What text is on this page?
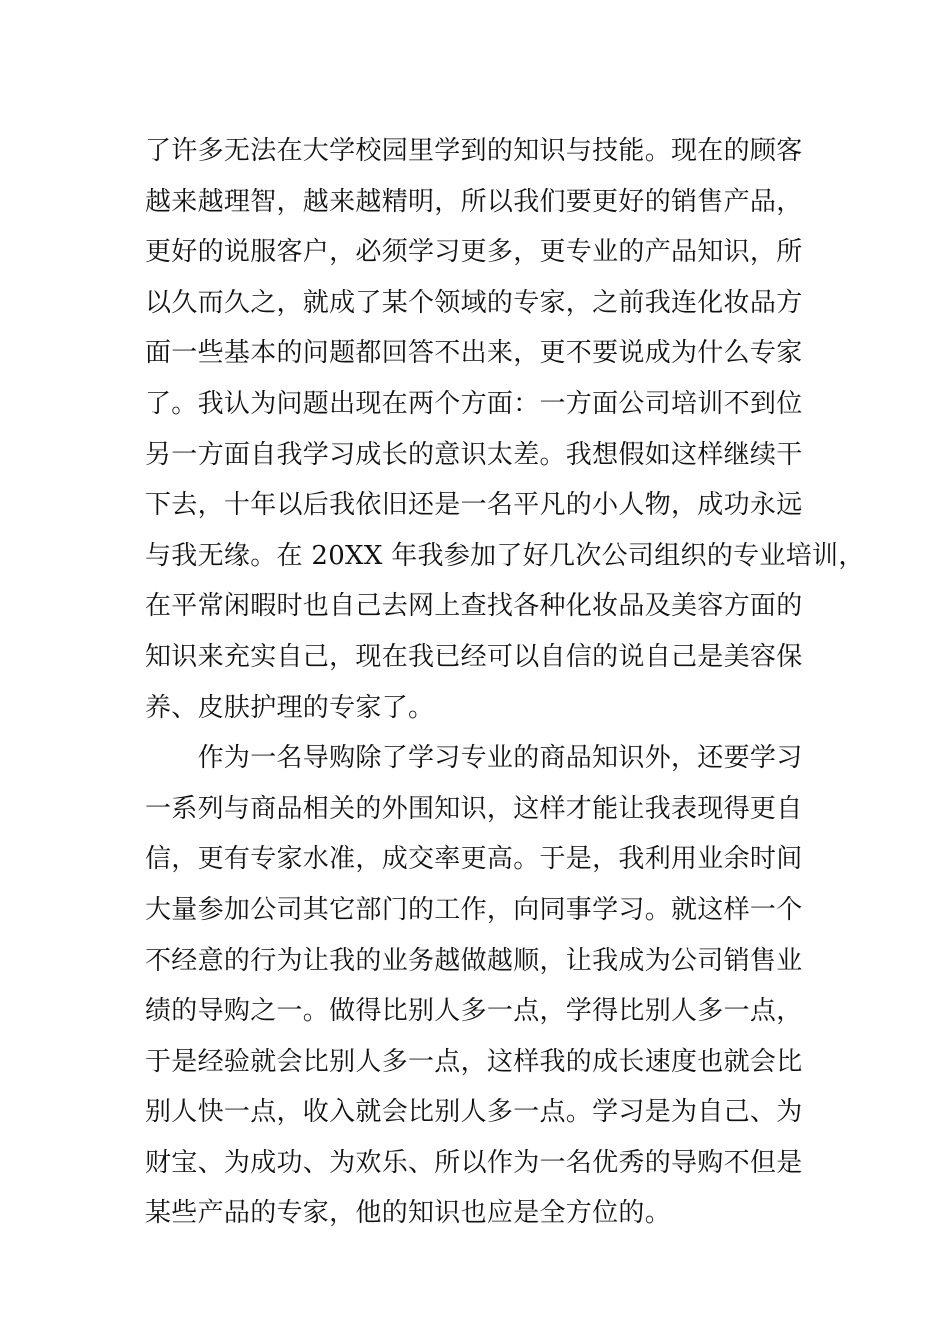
了许多无法在大学校园里学到的知识与技能。现在的顾客
越来越理智，越来越精明，所以我们要更好的销售产品，
更好的说服客户，必须学习更多，更专业的产品知识，所
以久而久之，就成了某个领域的专家，之前我连化妆品方
面一些基本的问题都回答不出来，更不要说成为什么专家
了。我认为问题出现在两个方面：一方面公司培训不到位
另一方面自我学习成长的意识太差。我想假如这样继续干
下去，十年以后我依旧还是一名平凡的小人物，成功永远
与我无缘。在 20XX 年我参加了好几次公司组织的专业培训，
在平常闲暇时也自己去网上查找各种化妆品及美容方面的
知识来充实自己，现在我已经可以自信的说自己是美容保
养、皮肤护理的专家了。
　　作为一名导购除了学习专业的商品知识外，还要学习
一系列与商品相关的外围知识，这样才能让我表现得更自
信，更有专家水准，成交率更高。于是，我利用业余时间
大量参加公司其它部门的工作，向同事学习。就这样一个
不经意的行为让我的业务越做越顺，让我成为公司销售业
绩的导购之一。做得比别人多一点，学得比别人多一点，
于是经验就会比别人多一点，这样我的成长速度也就会比
别人快一点，收入就会比别人多一点。学习是为自己、为
财宝、为成功、为欢乐、所以作为一名优秀的导购不但是
某些产品的专家，他的知识也应是全方位的。
